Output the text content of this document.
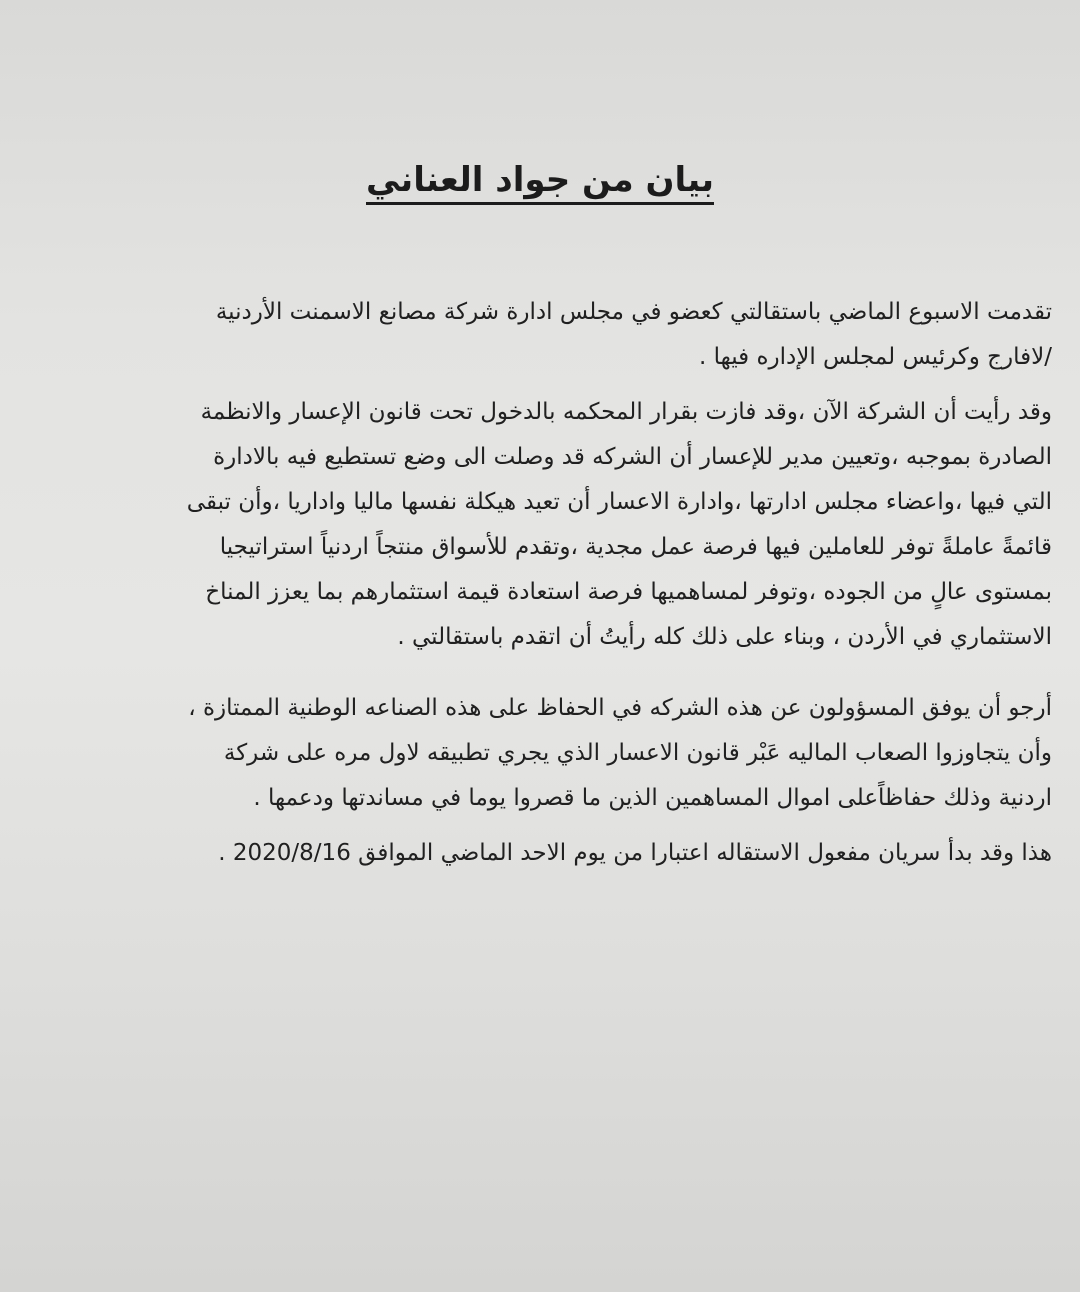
بيان من جواد العناني
تقدمت الاسبوع الماضي باستقالتي كعضو في مجلس ادارة شركة مصانع الاسمنت الأردنية
/لافارج وكرئيس لمجلس الإداره فيها .
وقد رأيت أن الشركة الآن ،وقد فازت بقرار المحكمه بالدخول تحت قانون الإعسار والانظمة
الصادرة بموجبه ،وتعيين مدير للإعسار أن الشركه قد وصلت الى وضع تستطيع فيه بالادارة
التي فيها ،واعضاء مجلس ادارتها ،وادارة الاعسار أن تعيد هيكلة نفسها ماليا واداريا ،وأن تبقى
قائمةً عاملةً توفر للعاملين فيها فرصة عمل مجدية ،وتقدم للأسواق منتجاً اردنياً استراتيجيا
بمستوى عالٍ من الجوده ،وتوفر لمساهميها فرصة استعادة قيمة استثمارهم بما يعزز المناخ
الاستثماري في الأردن ، وبناء على ذلك كله رأيتُ أن اتقدم باستقالتي .
أرجو أن يوفق المسؤولون عن هذه الشركه في الحفاظ على هذه الصناعه الوطنية الممتازة ،
وأن يتجاوزوا الصعاب الماليه عَبْر قانون الاعسار الذي يجري تطبيقه لاول مره على شركة
اردنية وذلك حفاظاًعلى اموال المساهمين الذين ما قصروا يوما في مساندتها ودعمها .
هذا وقد بدأ سريان مفعول الاستقاله اعتبارا من يوم الاحد الماضي الموافق 2020/8/16 .
